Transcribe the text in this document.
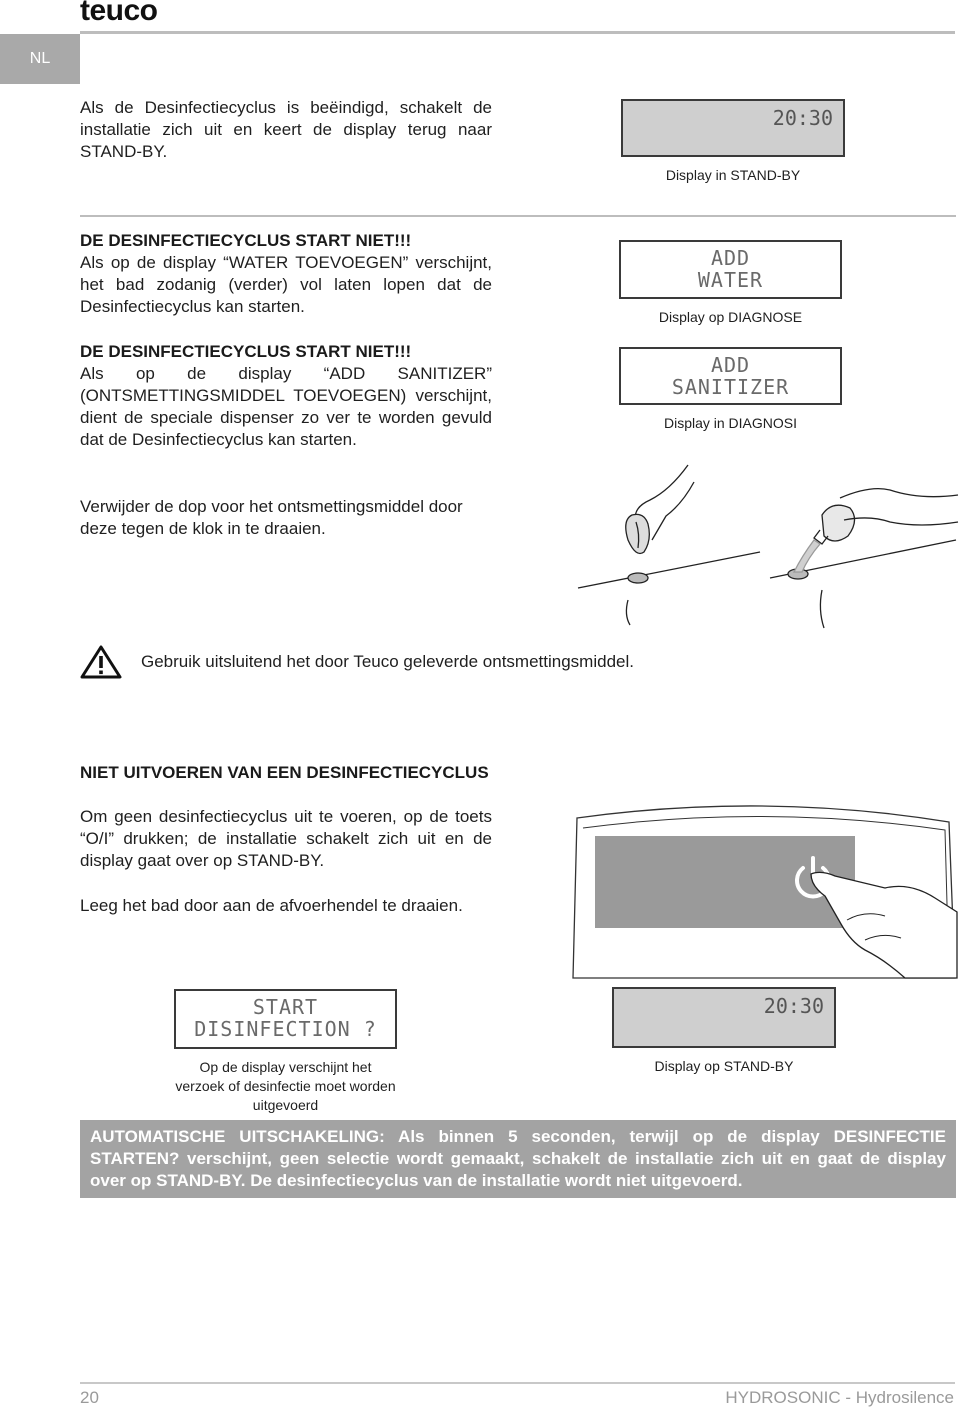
teuco
NL
Als de Desinfectiecyclus is beëindigd, schakelt de installatie zich uit en keert de display terug naar STAND-BY.
20:30
Display in STAND-BY
DE DESINFECTIECYCLUS START NIET!!!
Als op de display “WATER TOEVOEGEN” verschijnt, het bad zodanig (verder) vol laten lopen dat de Desinfectiecyclus kan starten.
ADD
WATER
Display op DIAGNOSE
DE DESINFECTIECYCLUS START NIET!!!
Als op de display “ADD SANITIZER” (ONTSMETTINGSMIDDEL TOEVOEGEN) verschijnt, dient de speciale dispenser zo ver te worden gevuld dat de Desinfectiecyclus kan starten.
ADD
SANITIZER
Display in DIAGNOSI
Verwijder de dop voor het ontsmettingsmiddel door deze tegen de klok in te draaien.
Gebruik uitsluitend het door Teuco geleverde ontsmettingsmiddel.
NIET UITVOEREN VAN EEN DESINFECTIECYCLUS
Om geen desinfectiecyclus uit te voeren, op de toets “O/I” drukken; de installatie schakelt zich uit en de display gaat over op STAND-BY.
Leeg het bad door aan de afvoerhendel te draaien.
START
DISINFECTION ?
Op de display verschijnt het verzoek of desinfectie moet worden uitgevoerd
20:30
Display op STAND-BY
AUTOMATISCHE UITSCHAKELING: Als binnen 5 seconden, terwijl op de display DESINFECTIE STARTEN? verschijnt, geen selectie wordt gemaakt, schakelt de installatie zich uit en gaat de display over op STAND-BY. De desinfectiecyclus van de installatie wordt niet uitgevoerd.
20	HYDROSONIC - Hydrosilence
